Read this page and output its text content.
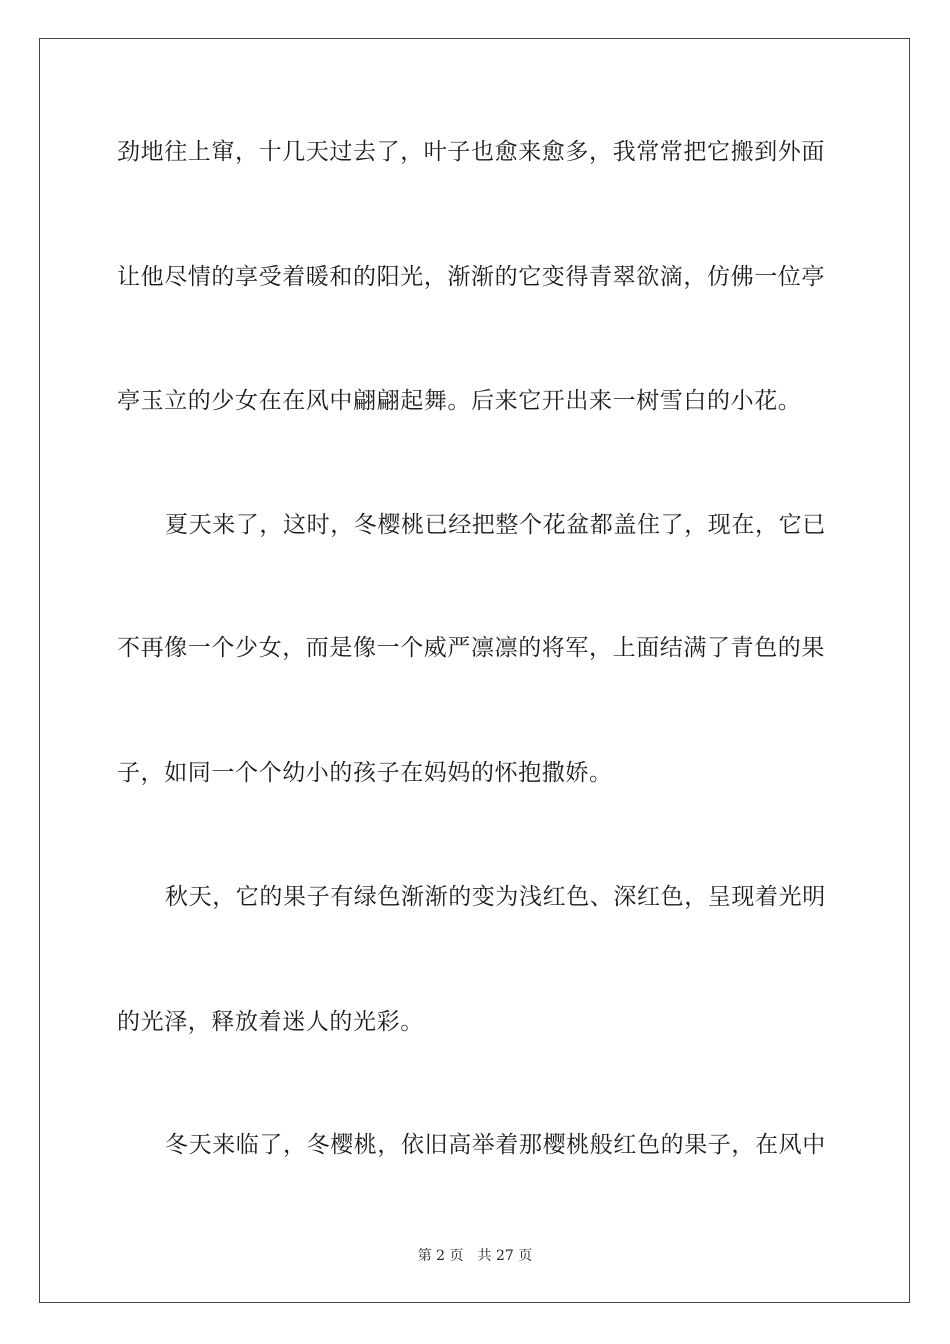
劲地往上窜，十几天过去了，叶子也愈来愈多，我常常把它搬到外面
让他尽情的享受着暖和的阳光，渐渐的它变得青翠欲滴，仿佛一位亭
亭玉立的少女在在风中翩翩起舞。后来它开出来一树雪白的小花。
夏天来了，这时，冬樱桃已经把整个花盆都盖住了，现在，它已
不再像一个少女，而是像一个威严凛凛的将军，上面结满了青色的果
子，如同一个个幼小的孩子在妈妈的怀抱撒娇。
秋天，它的果子有绿色渐渐的变为浅红色、深红色，呈现着光明
的光泽，释放着迷人的光彩。
冬天来临了，冬樱桃，依旧高举着那樱桃般红色的果子，在风中
第 2 页 共 27 页
